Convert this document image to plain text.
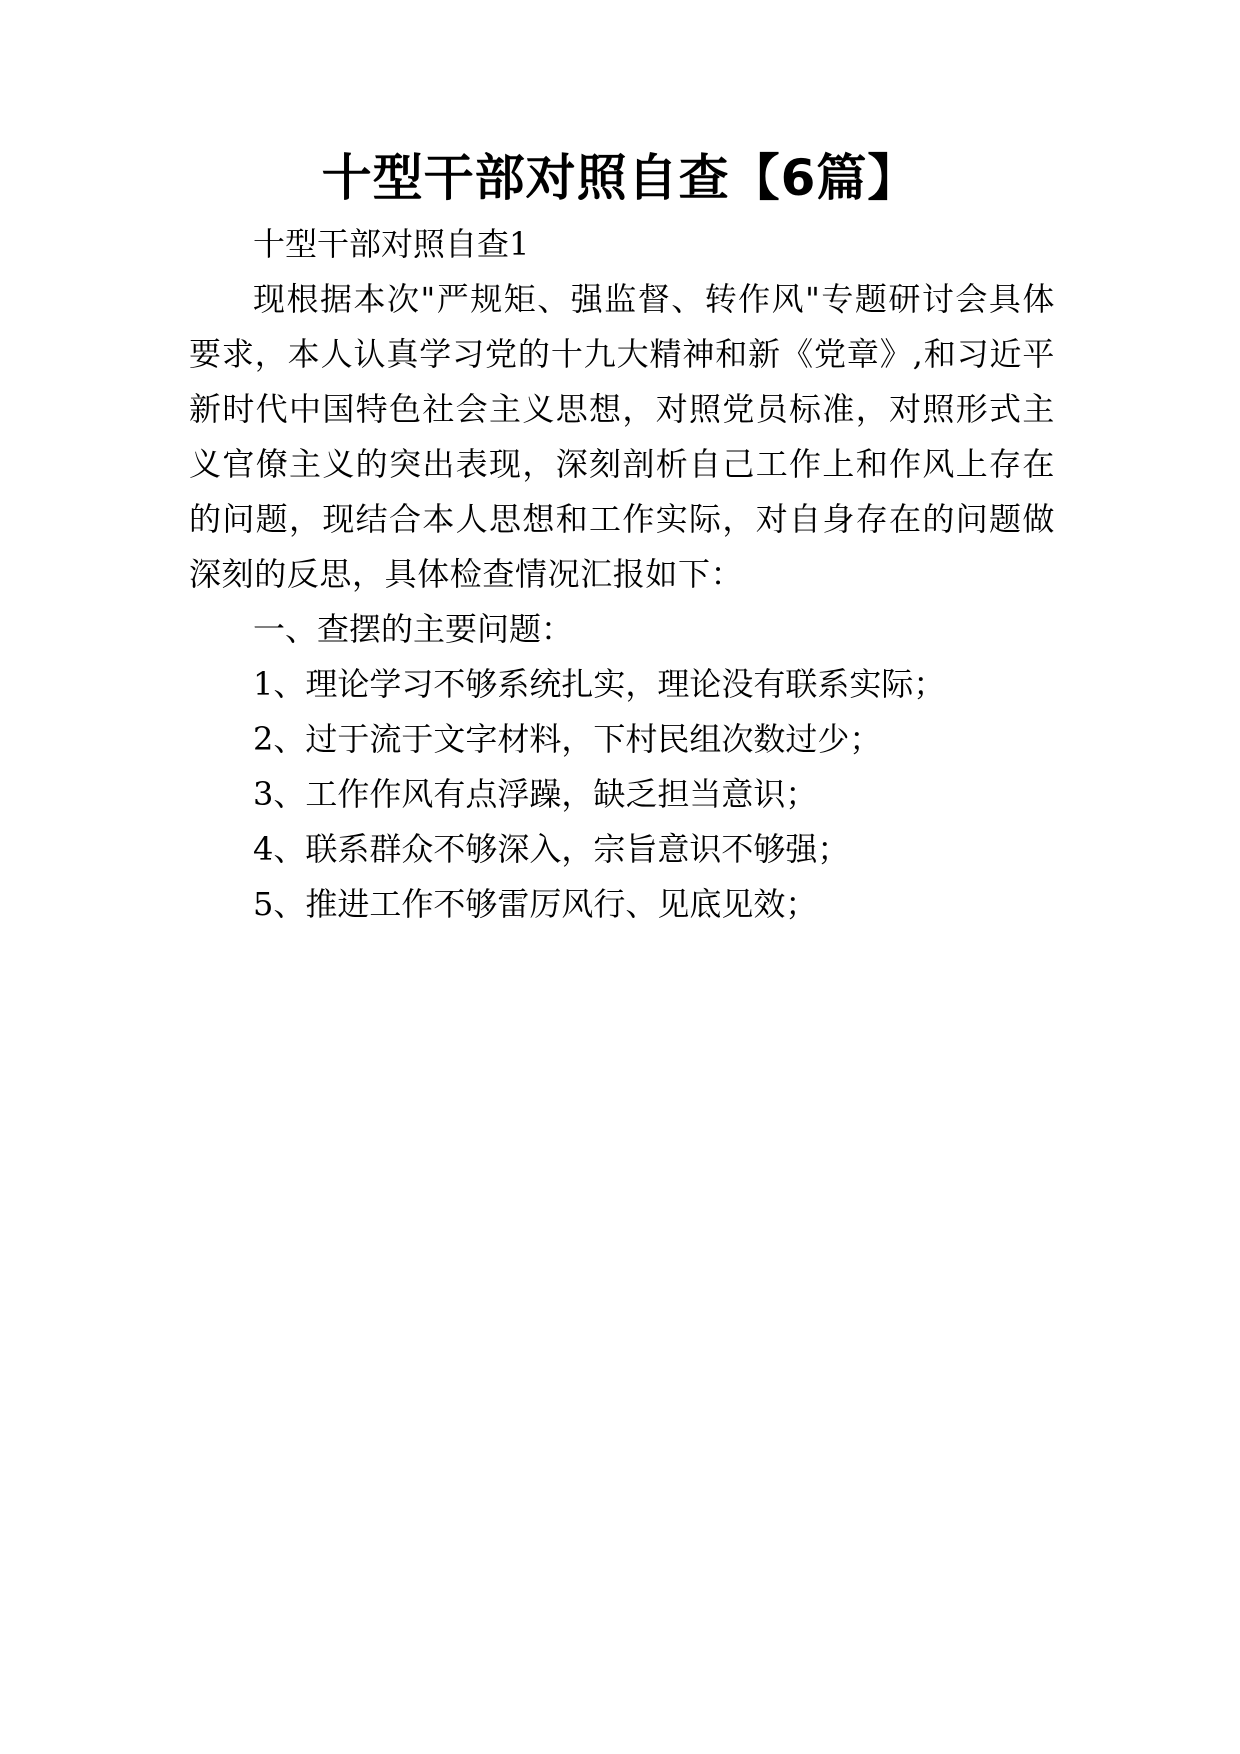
十型干部对照自查【6篇】

十型干部对照自查1

现根据本次"严规矩、强监督、转作风"专题研讨会具体要求，本人认真学习党的十九大精神和新《党章》,和习近平新时代中国特色社会主义思想，对照党员标准，对照形式主义官僚主义的突出表现，深刻剖析自己工作上和作风上存在的问题，现结合本人思想和工作实际，对自身存在的问题做深刻的反思，具体检查情况汇报如下：

一、查摆的主要问题：

1、理论学习不够系统扎实，理论没有联系实际；
2、过于流于文字材料，下村民组次数过少；
3、工作作风有点浮躁，缺乏担当意识；
4、联系群众不够深入，宗旨意识不够强；
5、推进工作不够雷厉风行、见底见效；
